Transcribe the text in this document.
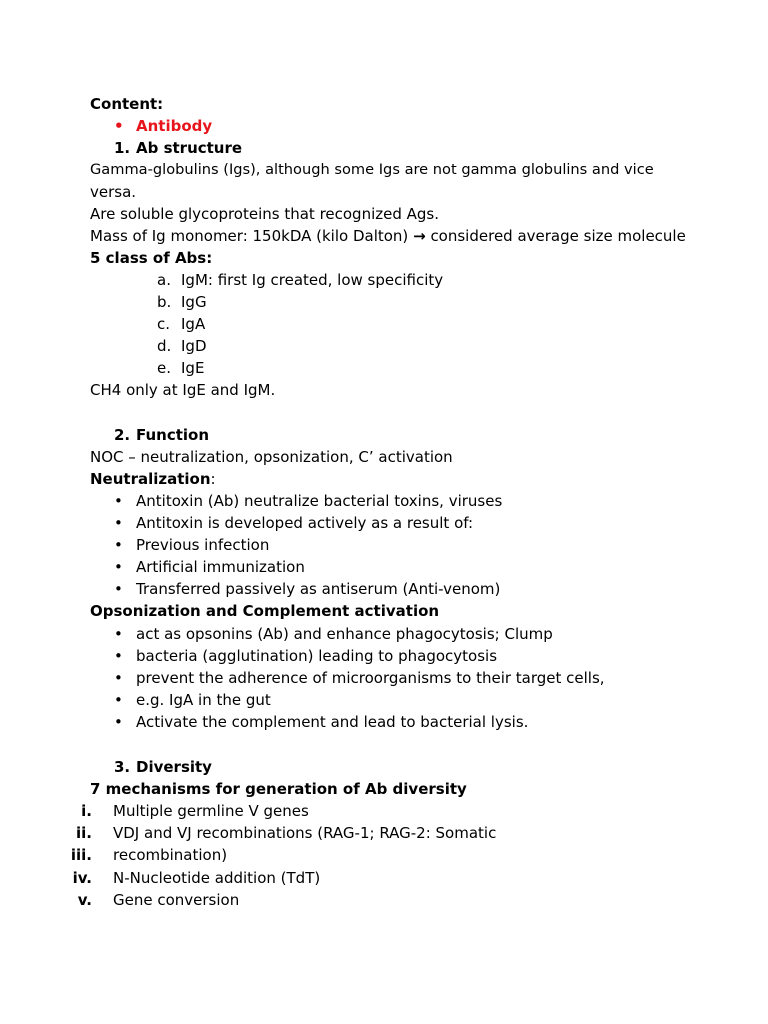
Content:
• Antibody
1. Ab structure
Gamma-globulins (Igs), although some Igs are not gamma globulins and vice
versa.
Are soluble glycoproteins that recognized Ags.
Mass of Ig monomer: 150kDA (kilo Dalton) → considered average size molecule
5 class of Abs:
a. IgM: first Ig created, low specificity
b. IgG
c. IgA
d. IgD
e. IgE
CH4 only at IgE and IgM.
2. Function
NOC – neutralization, opsonization, C’ activation
Neutralization:
• Antitoxin (Ab) neutralize bacterial toxins, viruses
• Antitoxin is developed actively as a result of:
• Previous infection
• Artificial immunization
• Transferred passively as antiserum (Anti-venom)
Opsonization and Complement activation
• act as opsonins (Ab) and enhance phagocytosis; Clump
• bacteria (agglutination) leading to phagocytosis
• prevent the adherence of microorganisms to their target cells,
• e.g. IgA in the gut
• Activate the complement and lead to bacterial lysis.
3. Diversity
7 mechanisms for generation of Ab diversity
i. Multiple germline V genes
ii. VDJ and VJ recombinations (RAG-1; RAG-2: Somatic
iii. recombination)
iv. N-Nucleotide addition (TdT)
v. Gene conversion
